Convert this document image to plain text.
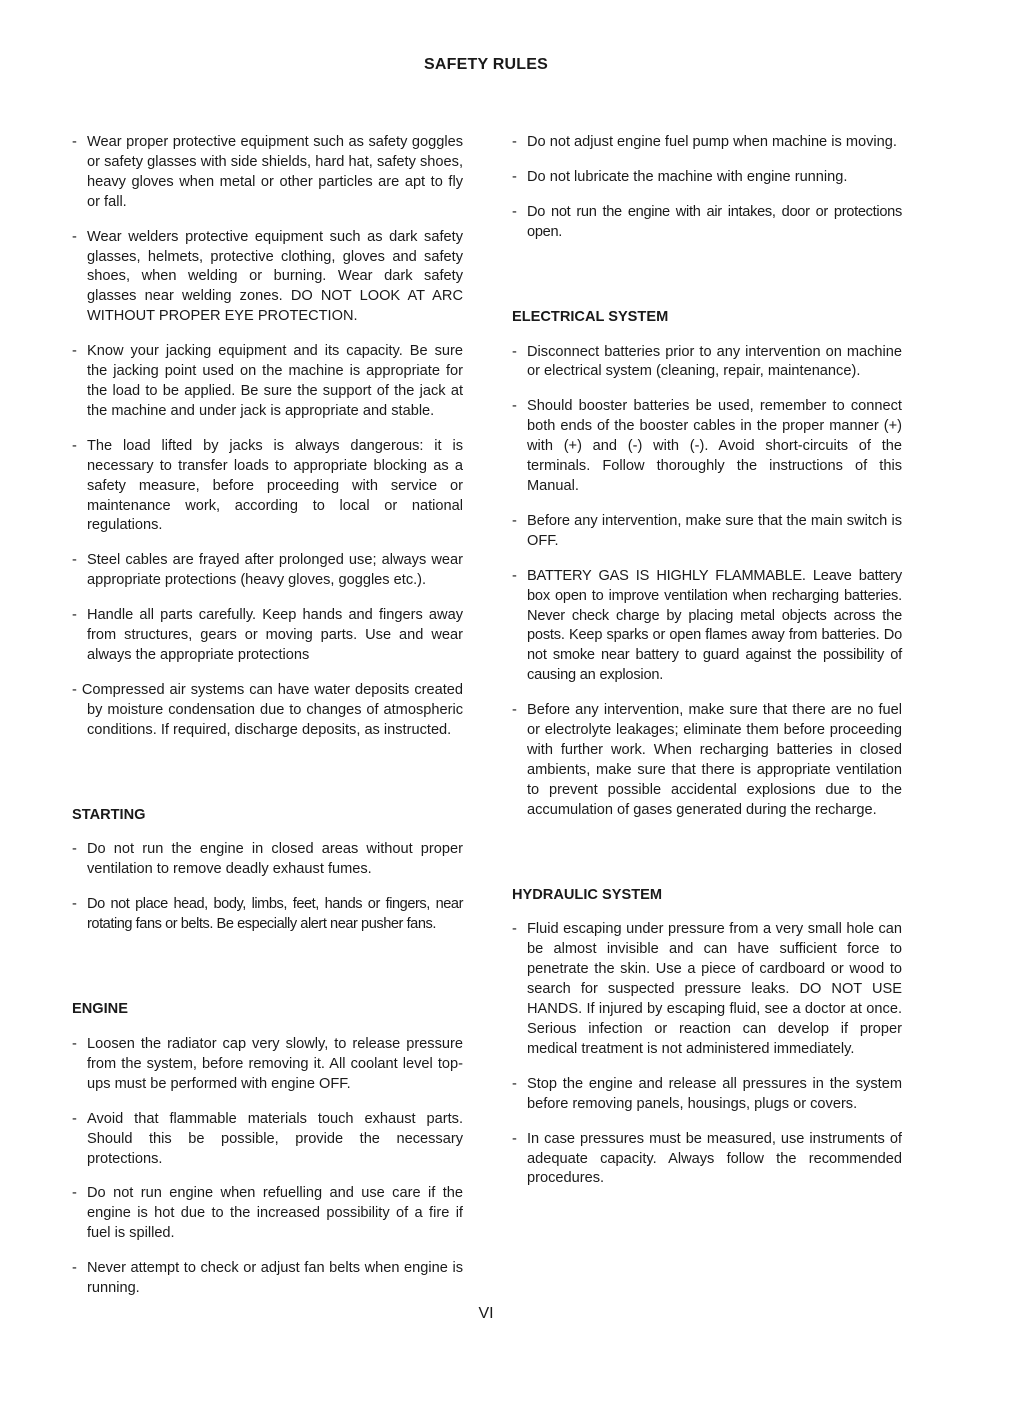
SAFETY RULES
- Wear proper protective equipment such as safety goggles or safety glasses with side shields, hard hat, safety shoes, heavy gloves when metal or other particles are apt to fly or fall.
- Wear welders protective equipment such as dark safety glasses, helmets, protective clothing, gloves and safety shoes, when welding or burning. Wear dark safety glasses near welding zones. DO NOT LOOK AT ARC WITHOUT PROPER EYE PROTECTION.
- Know your jacking equipment and its capacity. Be sure the jacking point used on the machine is appropriate for the load to be applied. Be sure the support of the jack at the machine and under jack is appropriate and stable.
- The load lifted by jacks is always dangerous: it is necessary to transfer loads to appropriate blocking as a safety measure, before proceeding with service or maintenance work, according to local or national regulations.
- Steel cables are frayed after prolonged use; always wear appropriate protections (heavy gloves, goggles etc.).
- Handle all parts carefully. Keep hands and fingers away from structures, gears or moving parts. Use and wear always the appropriate protections
- Compressed air systems can have water deposits created by moisture condensation due to changes of atmospheric conditions. If required, discharge deposits, as instructed.
STARTING
- Do not run the engine in closed areas without proper ventilation to remove deadly exhaust fumes.
- Do not place head, body, limbs, feet, hands or fingers, near rotating fans or belts. Be especially alert near pusher fans.
ENGINE
- Loosen the radiator cap very slowly, to release pressure from the system, before removing it. All coolant level top-ups must be performed with engine OFF.
- Avoid that flammable materials touch exhaust parts. Should this be possible, provide the necessary protections.
- Do not run engine when refuelling and use care if the engine is hot due to the increased possibility of a fire if fuel is spilled.
- Never attempt to check or adjust fan belts when engine is running.
- Do not adjust engine fuel pump when machine is moving.
- Do not lubricate the machine with engine running.
- Do not run the engine with air intakes, door or protections open.
ELECTRICAL SYSTEM
- Disconnect batteries prior to any intervention on machine or electrical system (cleaning, repair, maintenance).
- Should booster batteries be used, remember to connect both ends of the booster cables in the proper manner (+) with (+) and (-) with (-). Avoid short-circuits of the terminals. Follow thoroughly the instructions of this Manual.
- Before any intervention, make sure that the main switch is OFF.
- BATTERY GAS IS HIGHLY FLAMMABLE. Leave battery box open to improve ventilation when recharging batteries. Never check charge by placing metal objects across the posts. Keep sparks or open flames away from batteries. Do not smoke near battery to guard against the possibility of causing an explosion.
- Before any intervention, make sure that there are no fuel or electrolyte leakages; eliminate them before proceeding with further work. When recharging batteries in closed ambients, make sure that there is appropriate ventilation to prevent possible accidental explosions due to the accumulation of gases generated during the recharge.
HYDRAULIC SYSTEM
- Fluid escaping under pressure from a very small hole can be almost invisible and can have sufficient force to penetrate the skin. Use a piece of cardboard or wood to search for suspected pressure leaks. DO NOT USE HANDS. If injured by escaping fluid, see a doctor at once. Serious infection or reaction can develop if proper medical treatment is not administered immediately.
- Stop the engine and release all pressures in the system before removing panels, housings, plugs or covers.
- In case pressures must be measured, use instruments of adequate capacity. Always follow the recommended procedures.
VI
